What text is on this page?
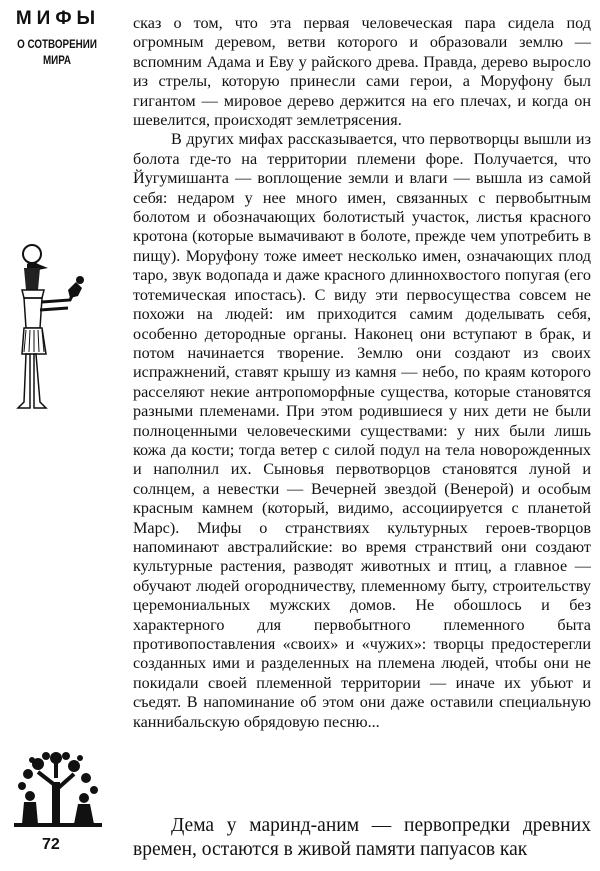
МИФЫ
О СОТВОРЕНИИ
МИРА
72

сказ о том, что эта первая человеческая пара сидела под огромным деревом, ветви которого и образовали землю — вспомним Адама и Еву у райского древа. Правда, дерево выросло из стрелы, которую принесли сами герои, а Моруфону был гигантом — мировое дерево держится на его плечах, и когда он шевелится, происходят землетрясения.

В других мифах рассказывается, что первотворцы вышли из болота где-то на территории племени форе. Получается, что Йугумишанта — воплощение земли и влаги — вышла из самой себя: недаром у нее много имен, связанных с первобытным болотом и обозначающих болотистый участок, листья красного кротона (которые вымачивают в болоте, прежде чем употребить в пищу). Моруфону тоже имеет несколько имен, означающих плод таро, звук водопада и даже красного длиннохвостого попугая (его тотемическая ипостась). С виду эти первосущества совсем не похожи на людей: им приходится самим доделывать себя, особенно детородные органы. Наконец они вступают в брак, и потом начинается творение. Землю они создают из своих испражнений, ставят крышу из камня — небо, по краям которого расселяют некие антропоморфные существа, которые становятся разными племенами. При этом родившиеся у них дети не были полноценными человеческими существами: у них были лишь кожа да кости; тогда ветер с силой подул на тела новорожденных и наполнил их. Сыновья первотворцов становятся луной и солнцем, а невестки — Вечерней звездой (Венерой) и особым красным камнем (который, видимо, ассоциируется с планетой Марс). Мифы о странствиях культурных героев-творцов напоминают австралийские: во время странствий они создают культурные растения, разводят животных и птиц, а главное — обучают людей огородничеству, племенному быту, строительству церемониальных мужских домов. Не обошлось и без характерного для первобытного племенного быта противопоставления «своих» и «чужих»: творцы предостерегли созданных ими и разделенных на племена людей, чтобы они не покидали своей племенной территории — иначе их убьют и съедят. В напоминание об этом они даже оставили специальную каннибальскую обрядовую песню...

Дема у маринд-аним — первопредки древних времен, остаются в живой памяти папуасов как
